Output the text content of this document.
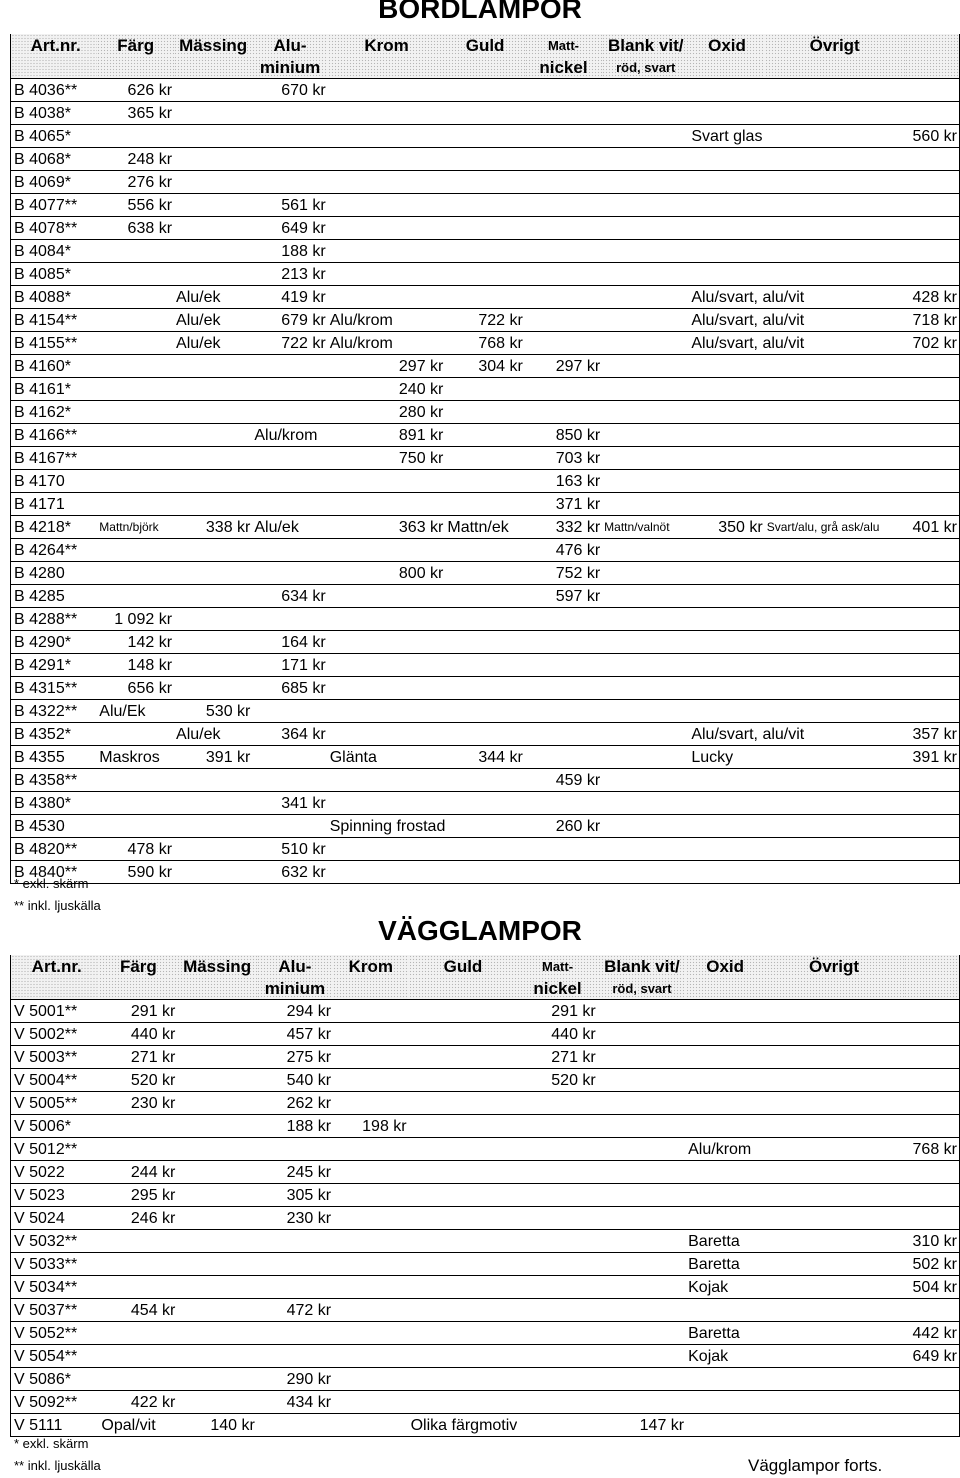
BORDLAMPOR
Art.nr.	Färg	Mässing	Alu-	Krom	Guld	Matt-	Blank vit/	Oxid	Övrigt	
			minium			nickel	röd, svart			
B 4036**	626 kr		670 kr							
B 4038*	365 kr									
B 4065*								Svart glas		560 kr
B 4068*	248 kr									
B 4069*	276 kr									
B 4077**	556 kr		561 kr							
B 4078**	638 kr		649 kr							
B 4084*			188 kr							
B 4085*			213 kr							
B 4088*		Alu/ek	419 kr					Alu/svart, alu/vit		428 kr
B 4154**		Alu/ek	679 kr	Alu/krom	722 kr			Alu/svart, alu/vit		718 kr
B 4155**		Alu/ek	722 kr	Alu/krom	768 kr			Alu/svart, alu/vit		702 kr
B 4160*				297 kr	304 kr	297 kr				
B 4161*				240 kr						
B 4162*				280 kr						
B 4166**			Alu/krom	891 kr		850 kr				
B 4167**				750 kr		703 kr				
B 4170						163 kr				
B 4171						371 kr				
B 4218*	Mattn/björk	338 kr	Alu/ek	363 kr	Mattn/ek	332 kr	Mattn/valnöt	350 kr	Svart/alu, grå ask/alu	401 kr
B 4264**						476 kr				
B 4280				800 kr		752 kr				
B 4285			634 kr			597 kr				
B 4288**	1 092 kr									
B 4290*	142 kr		164 kr							
B 4291*	148 kr		171 kr							
B 4315**	656 kr		685 kr							
B 4322**	Alu/Ek	530 kr								
B 4352*		Alu/ek	364 kr					Alu/svart, alu/vit		357 kr
B 4355	Maskros	391 kr		Glänta	344 kr			Lucky		391 kr
B 4358**						459 kr				
B 4380*			341 kr							
B 4530				Spinning frostad		260 kr				
B 4820**	478 kr		510 kr							
B 4840**	590 kr		632 kr							
* exkl. skärm
** inkl. ljuskälla
VÄGGLAMPOR
Art.nr.	Färg	Mässing	Alu-	Krom	Guld	Matt-	Blank vit/	Oxid	Övrigt	
			minium			nickel	röd, svart			
V 5001**	291 kr		294 kr			291 kr				
V 5002**	440 kr		457 kr			440 kr				
V 5003**	271 kr		275 kr			271 kr				
V 5004**	520 kr		540 kr			520 kr				
V 5005**	230 kr		262 kr							
V 5006*			188 kr	198 kr						
V 5012**								Alu/krom		768 kr
V 5022	244 kr		245 kr							
V 5023	295 kr		305 kr							
V 5024	246 kr		230 kr							
V 5032**								Baretta		310 kr
V 5033**								Baretta		502 kr
V 5034**								Kojak		504 kr
V 5037**	454 kr		472 kr							
V 5052**								Baretta		442 kr
V 5054**								Kojak		649 kr
V 5086*			290 kr							
V 5092**	422 kr		434 kr							
V 5111	Opal/vit	140 kr			Olika färgmotiv		147 kr			
* exkl. skärm
** inkl. ljuskälla	Vägglampor forts.
